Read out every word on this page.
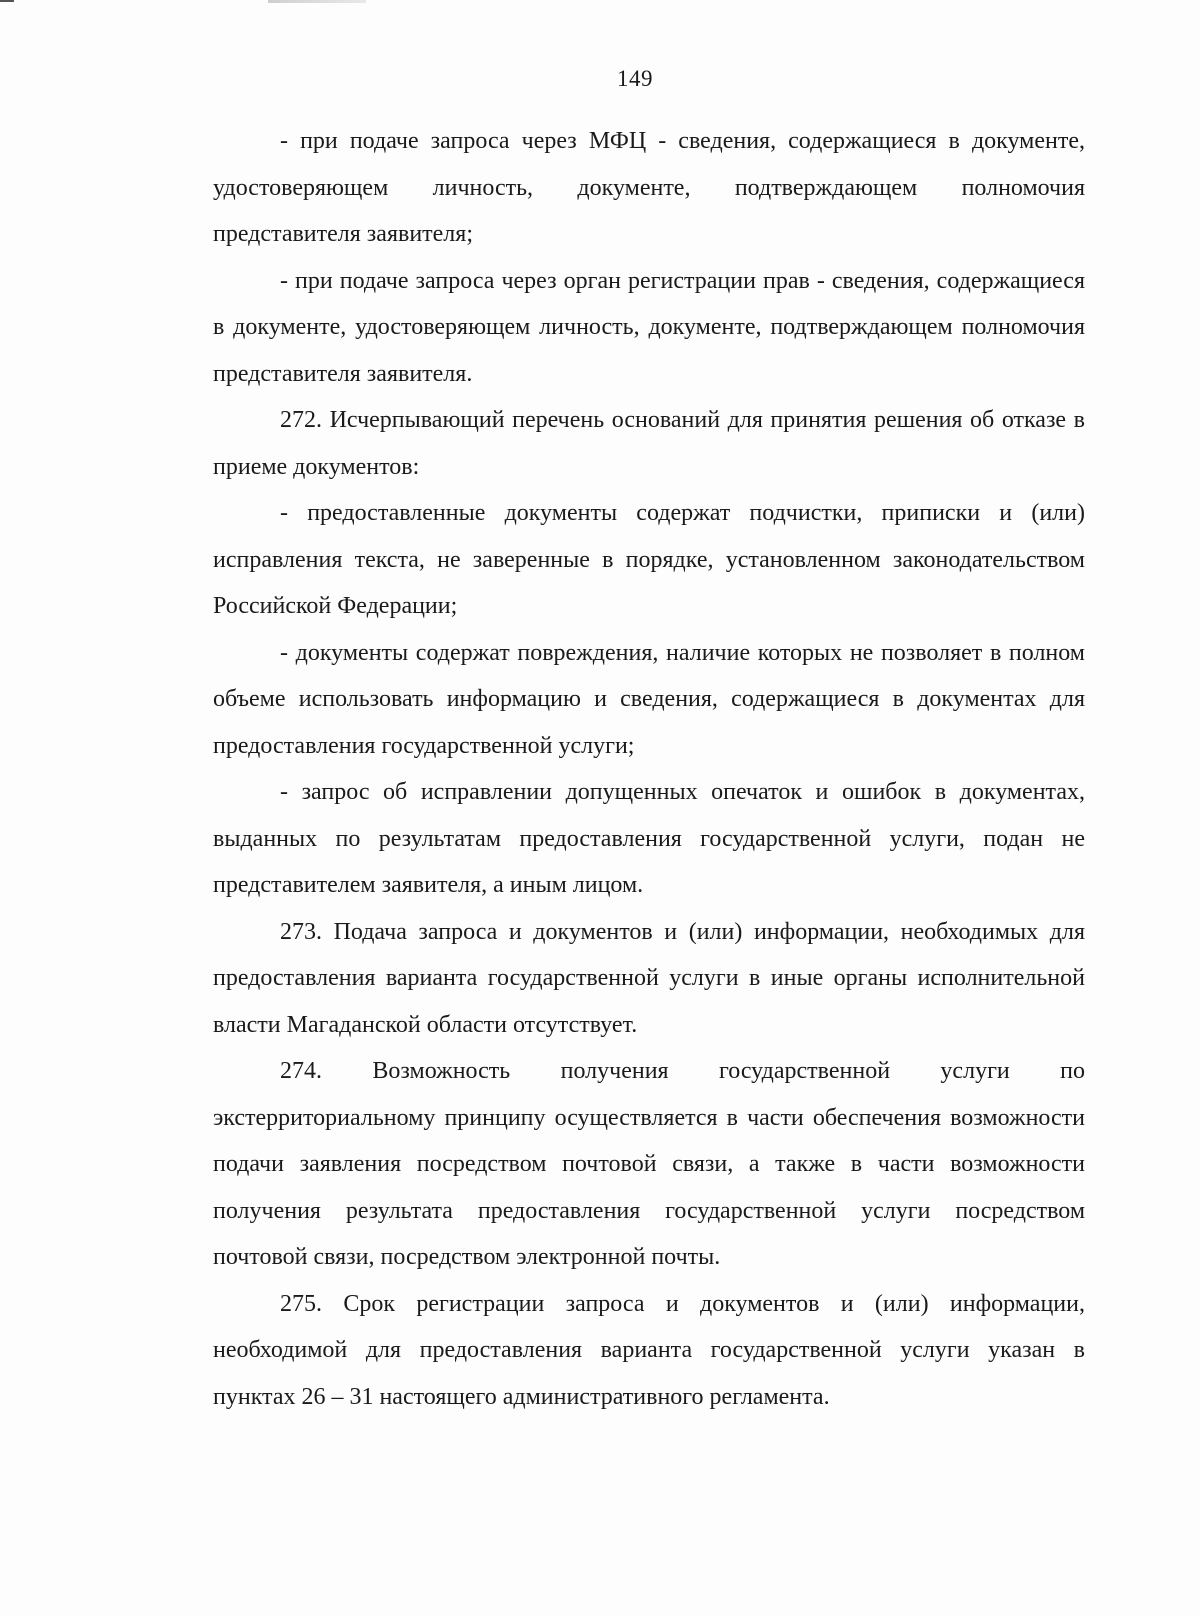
149

- при подаче запроса через МФЦ - сведения, содержащиеся в документе, удостоверяющем личность, документе, подтверждающем полномочия представителя заявителя;

- при подаче запроса через орган регистрации прав - сведения, содержащиеся в документе, удостоверяющем личность, документе, подтверждающем полномочия представителя заявителя.

272. Исчерпывающий перечень оснований для принятия решения об отказе в приеме документов:

- предоставленные документы содержат подчистки, приписки и (или) исправления текста, не заверенные в порядке, установленном законодательством Российской Федерации;

- документы содержат повреждения, наличие которых не позволяет в полном объеме использовать информацию и сведения, содержащиеся в документах для предоставления государственной услуги;

- запрос об исправлении допущенных опечаток и ошибок в документах, выданных по результатам предоставления государственной услуги, подан не представителем заявителя, а иным лицом.

273. Подача запроса и документов и (или) информации, необходимых для предоставления варианта государственной услуги в иные органы исполнительной власти Магаданской области отсутствует.

274. Возможность получения государственной услуги по экстерриториальному принципу осуществляется в части обеспечения возможности подачи заявления посредством почтовой связи, а также в части возможности получения результата предоставления государственной услуги посредством почтовой связи, посредством электронной почты.

275. Срок регистрации запроса и документов и (или) информации, необходимой для предоставления варианта государственной услуги указан в пунктах 26 – 31 настоящего административного регламента.
